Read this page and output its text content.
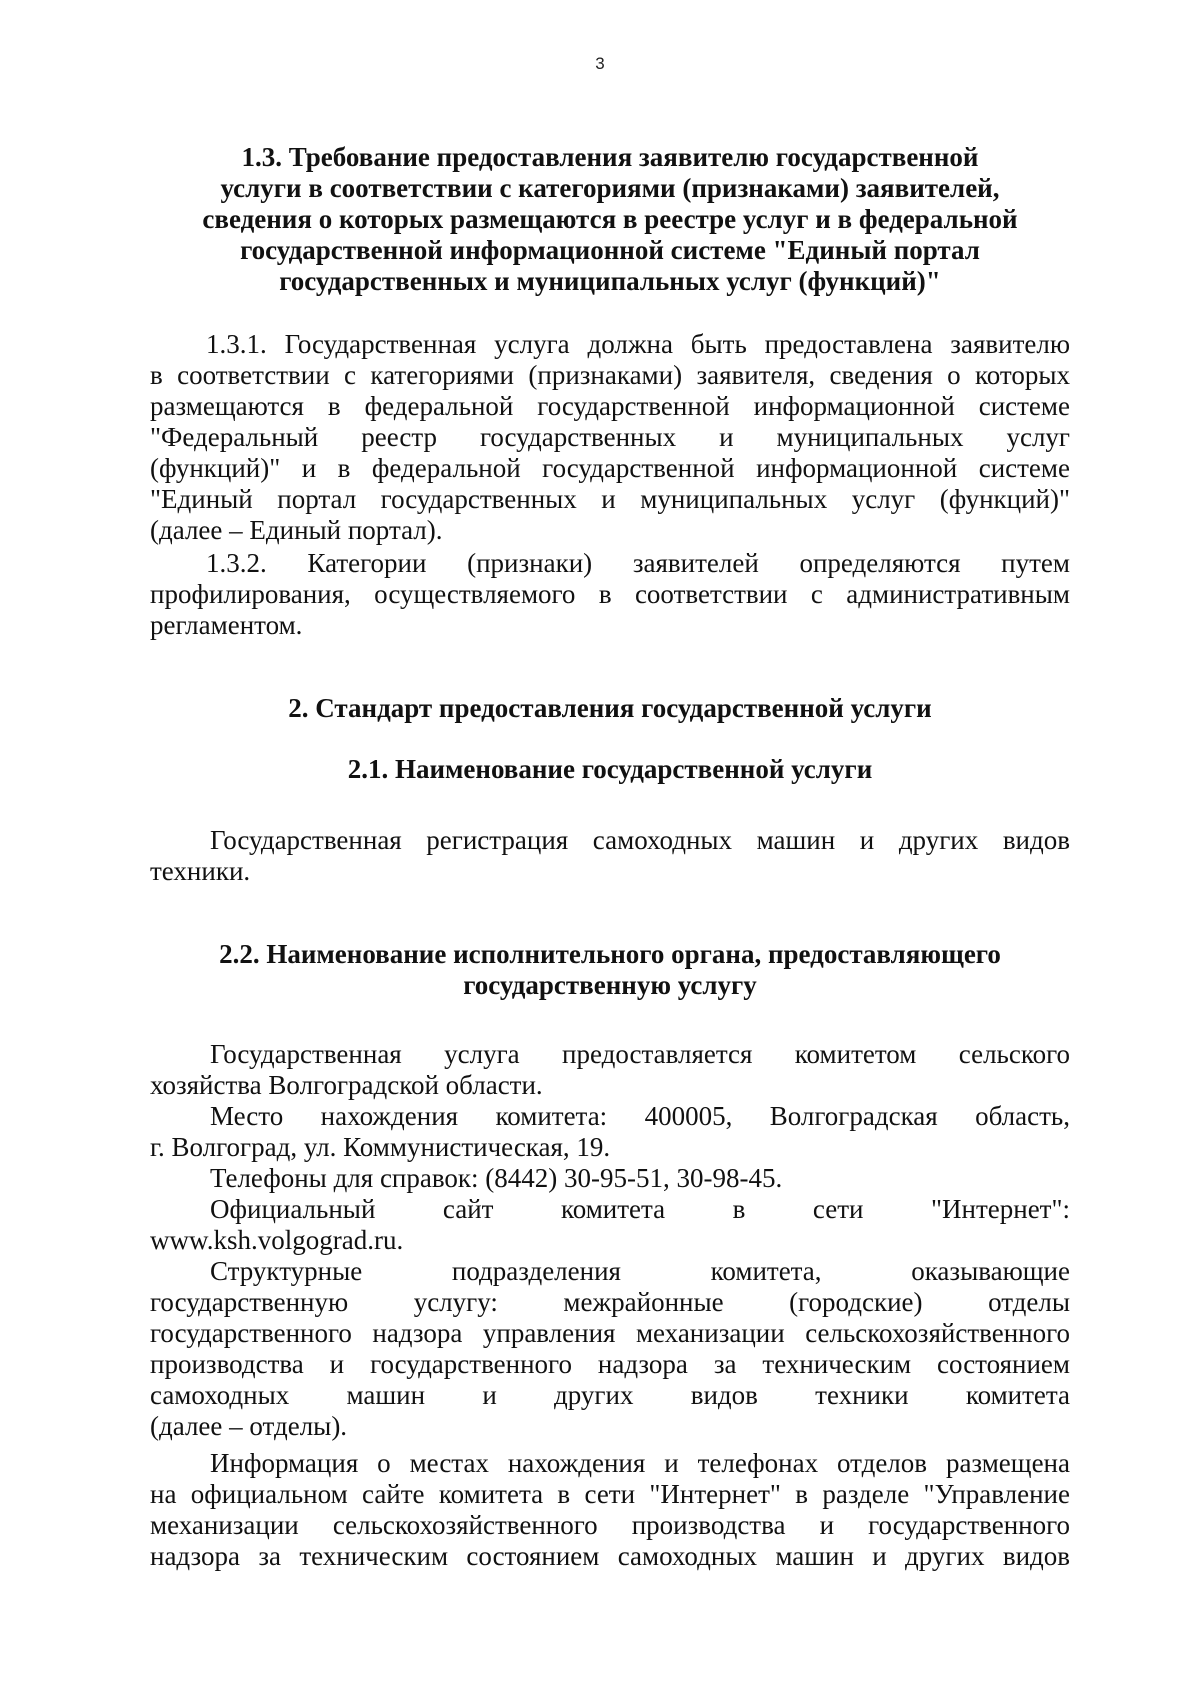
3
1.3. Требование предоставления заявителю государственной
услуги в соответствии с категориями (признаками) заявителей,
сведения о которых размещаются в реестре услуг и в федеральной
государственной информационной системе "Единый портал
государственных и муниципальных услуг (функций)"
1.3.1. Государственная услуга должна быть предоставлена заявителю
в соответствии с категориями (признаками) заявителя, сведения о которых
размещаются в федеральной государственной информационной системе
"Федеральный реестр государственных и муниципальных услуг
(функций)" и в федеральной государственной информационной системе
"Единый портал государственных и муниципальных услуг (функций)"
(далее – Единый портал).
1.3.2. Категории (признаки) заявителей определяются путем
профилирования, осуществляемого в соответствии с административным
регламентом.
2. Стандарт предоставления государственной услуги
2.1. Наименование государственной услуги
Государственная регистрация самоходных машин и других видов
техники.
2.2. Наименование исполнительного органа, предоставляющего
государственную услугу
Государственная услуга предоставляется комитетом сельского
хозяйства Волгоградской области.
Место нахождения комитета: 400005, Волгоградская область,
г. Волгоград, ул. Коммунистическая, 19.
Телефоны для справок: (8442) 30-95-51, 30-98-45.
Официальный сайт комитета в сети "Интернет":
www.ksh.volgograd.ru.
Структурные подразделения комитета, оказывающие
государственную услугу: межрайонные (городские) отделы
государственного надзора управления механизации сельскохозяйственного
производства и государственного надзора за техническим состоянием
самоходных машин и других видов техники комитета
(далее – отделы).
Информация о местах нахождения и телефонах отделов размещена
на официальном сайте комитета в сети "Интернет" в разделе "Управление
механизации сельскохозяйственного производства и государственного
надзора за техническим состоянием самоходных машин и других видов
